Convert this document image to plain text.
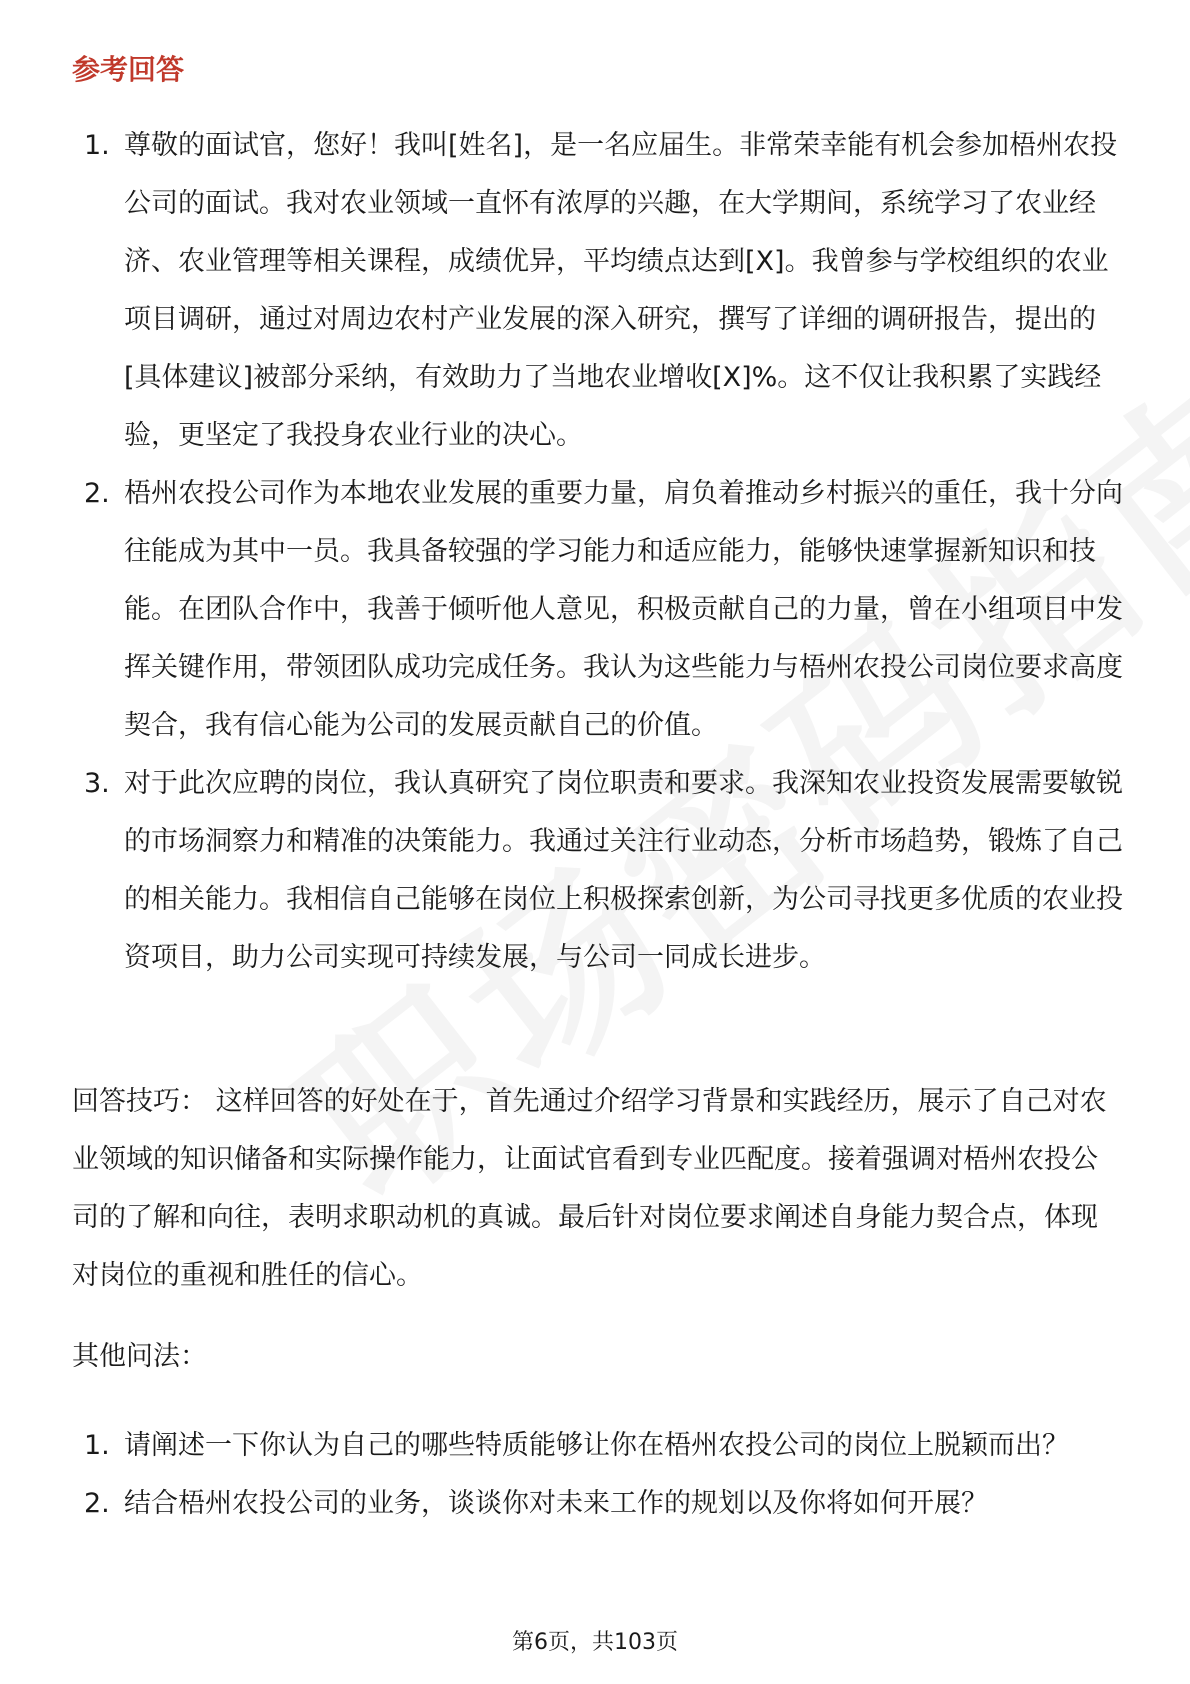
参考回答
1. 尊敬的面试官，您好！我叫[姓名]，是一名应届生。非常荣幸能有机会参加梧州农投公司的面试。我对农业领域一直怀有浓厚的兴趣，在大学期间，系统学习了农业经济、农业管理等相关课程，成绩优异，平均绩点达到[X]。我曾参与学校组织的农业项目调研，通过对周边农村产业发展的深入研究，撰写了详细的调研报告，提出的[具体建议]被部分采纳，有效助力了当地农业增收[X]%。这不仅让我积累了实践经验，更坚定了我投身农业行业的决心。
2. 梧州农投公司作为本地农业发展的重要力量，肩负着推动乡村振兴的重任，我十分向往能成为其中一员。我具备较强的学习能力和适应能力，能够快速掌握新知识和技能。在团队合作中，我善于倾听他人意见，积极贡献自己的力量，曾在小组项目中发挥关键作用，带领团队成功完成任务。我认为这些能力与梧州农投公司岗位要求高度契合，我有信心能为公司的发展贡献自己的价值。
3. 对于此次应聘的岗位，我认真研究了岗位职责和要求。我深知农业投资发展需要敏锐的市场洞察力和精准的决策能力。我通过关注行业动态，分析市场趋势，锻炼了自己的相关能力。我相信自己能够在岗位上积极探索创新，为公司寻找更多优质的农业投资项目，助力公司实现可持续发展，与公司一同成长进步。

回答技巧： 这样回答的好处在于，首先通过介绍学习背景和实践经历，展示了自己对农业领域的知识储备和实际操作能力，让面试官看到专业匹配度。接着强调对梧州农投公司的了解和向往，表明求职动机的真诚。最后针对岗位要求阐述自身能力契合点，体现对岗位的重视和胜任的信心。

其他问法：

1. 请阐述一下你认为自己的哪些特质能够让你在梧州农投公司的岗位上脱颖而出？
2. 结合梧州农投公司的业务，谈谈你对未来工作的规划以及你将如何开展？
第6页，共103页
